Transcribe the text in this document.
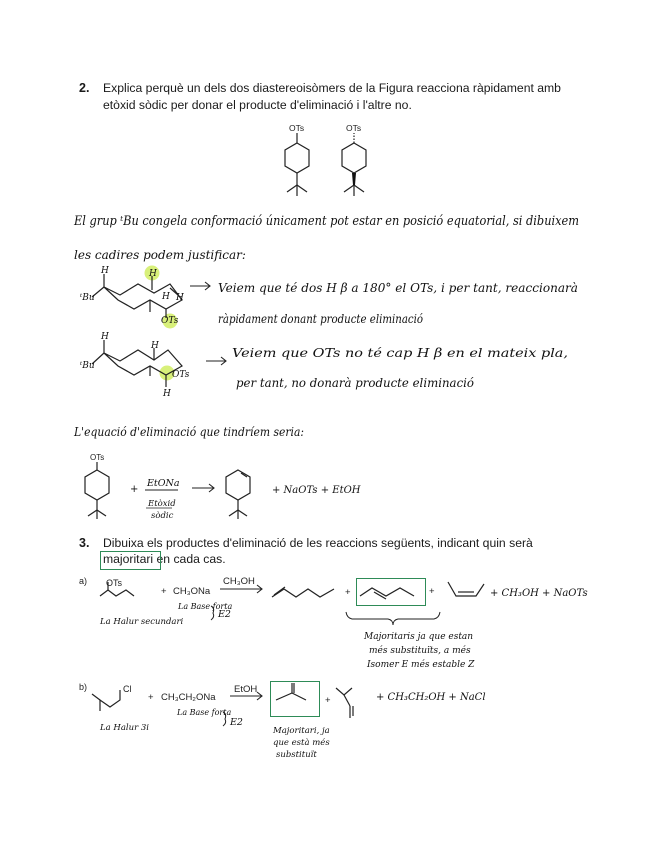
2. Explica perquè un dels dos diastereoisòmers de la Figura reacciona ràpidament amb
etòxid sòdic per donar el producte d'eliminació i l'altre no.
3. Dibuixa els productes d'eliminació de les reaccions següents, indicant quin serà
majoritari en cada cas.
OTs	OTs
El grup ᵗBu congela conformació únicament pot estar en posició equatorial, si dibuixem
les cadires podem justificar:
H	H
H
H
OTs
ᵗBu
Veiem que té dos H β a 180° el OTs, i per tant, reaccionarà
ràpidament donant producte eliminació
H
H
H
OTs
ᵗBu
Veiem que OTs no té cap H β en el mateix pla,
per tant, no donarà producte eliminació
L'equació d'eliminació que tindríem seria:
OTs
+
EtONa
Etòxid
sòdic
+ NaOTs + EtOH
a) OTs
+ CH₃ONa
CH₃OH
La Base forta
E2
La Halur secundari
+	+	+ CH₃OH + NaOTs
Majoritaris ja que estan
més substituïts, a més
Isomer E més estable Z
b)	Cl
+ CH₃CH₂ONa
EtOH
La Base forta
E2
La Halur 3i
+	+ CH₃CH₂OH + NaCl
Majoritari, ja
que està més
substituït
